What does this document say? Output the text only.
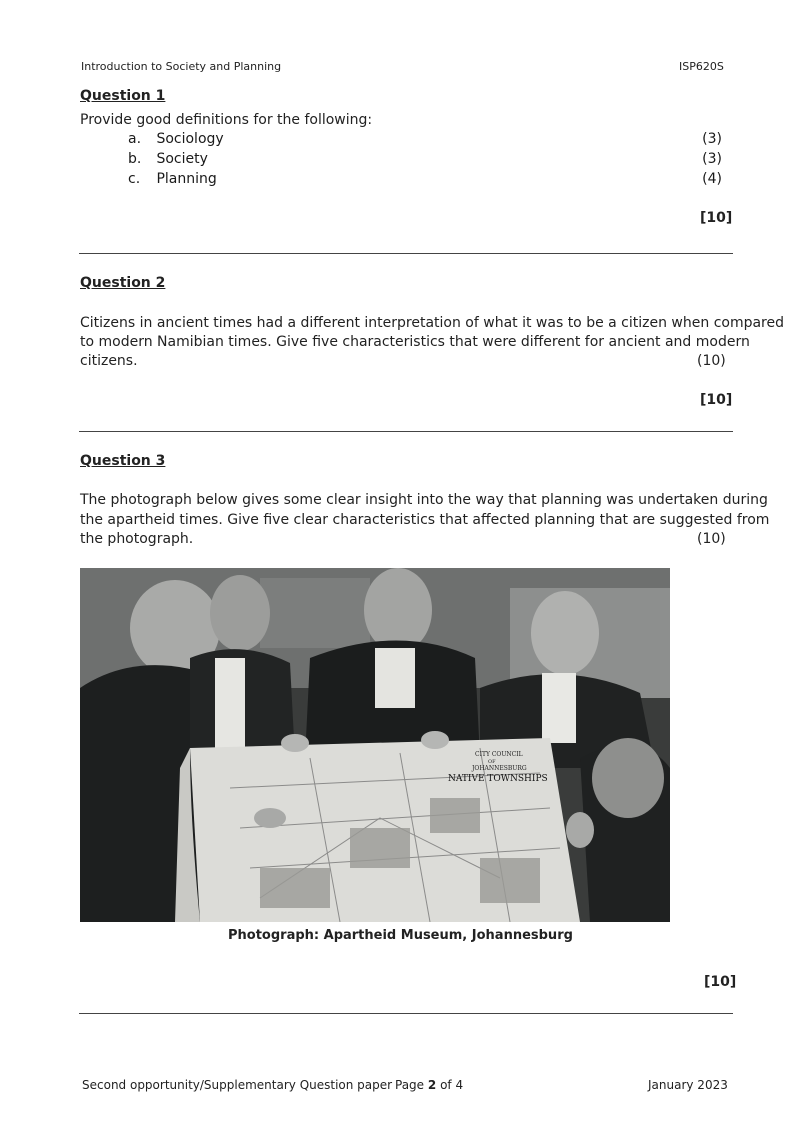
Introduction to Society and Planning	ISP620S
Question 1
Provide good definitions for the following:
a. Sociology	(3)
b. Society	(3)
c. Planning	(4)
[10]
Question 2
Citizens in ancient times had a different interpretation of what it was to be a citizen when compared
to modern Namibian times. Give five characteristics that were different for ancient and modern
citizens.	(10)
[10]
Question 3
The photograph below gives some clear insight into the way that planning was undertaken during
the apartheid times. Give five clear characteristics that affected planning that are suggested from
the photograph.	(10)
CITY COUNCIL
OF
JOHANNESBURG
NATIVE TOWNSHIPS
Photograph: Apartheid Museum, Johannesburg
[10]
Second opportunity/Supplementary Question paper Page 2 of 4	January 2023
